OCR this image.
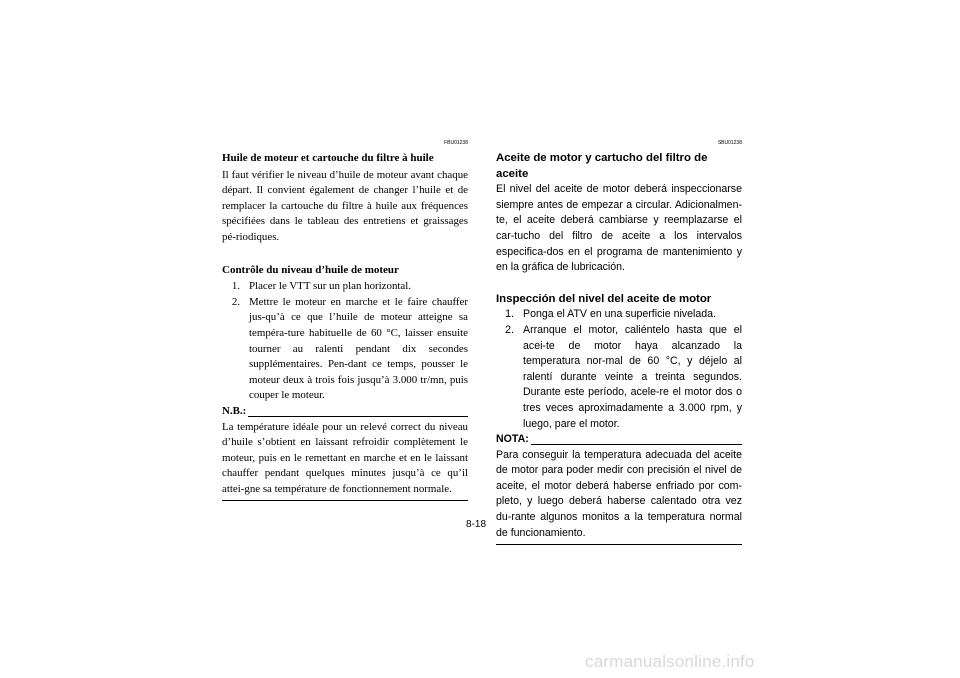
FBU01238
Huile de moteur et cartouche du filtre à huile

Il faut vérifier le niveau d’huile de moteur avant chaque départ. Il convient également de changer l’huile et de remplacer la cartouche du filtre à huile aux fréquences spécifiées dans le tableau des entretiens et graissages pé-riodiques.

Contrôle du niveau d’huile de moteur
1. Placer le VTT sur un plan horizontal.
2. Mettre le moteur en marche et le faire chauffer jus-qu’à ce que l’huile de moteur atteigne sa tempéra-ture habituelle de 60 °C, laisser ensuite tourner au ralenti pendant dix secondes supplémentaires. Pen-dant ce temps, pousser le moteur deux à trois fois jusqu’à 3.000 tr/mn, puis couper le moteur.
N.B.:

La température idéale pour un relevé correct du niveau d’huile s’obtient en laissant refroidir complètement le moteur, puis en le remettant en marche et en le laissant chauffer pendant quelques minutes jusqu’à ce qu’il attei-gne sa température de fonctionnement normale.

SBU01238
Aceite de motor y cartucho del filtro de aceite

El nivel del aceite de motor deberá inspeccionarse siempre antes de empezar a circular. Adicionalmen-te, el aceite deberá cambiarse y reemplazarse el car-tucho del filtro de aceite a los intervalos especifica-dos en el programa de mantenimiento y en la gráfica de lubricación.

Inspección del nivel del aceite de motor
1. Ponga el ATV en una superficie nivelada.
2. Arranque el motor, caliéntelo hasta que el acei-te de motor haya alcanzado la temperatura nor-mal de 60 °C, y déjelo al ralentí durante veinte a treinta segundos. Durante este período, acele-re el motor dos o tres veces aproximadamente a 3.000 rpm, y luego, pare el motor.
NOTA:

Para conseguir la temperatura adecuada del aceite de motor para poder medir con precisión el nivel de aceite, el motor deberá haberse enfriado por com-pleto, y luego deberá haberse calentado otra vez du-rante algunos monitos a la temperatura normal de funcionamiento.

8-18
carmanualsonline.info
